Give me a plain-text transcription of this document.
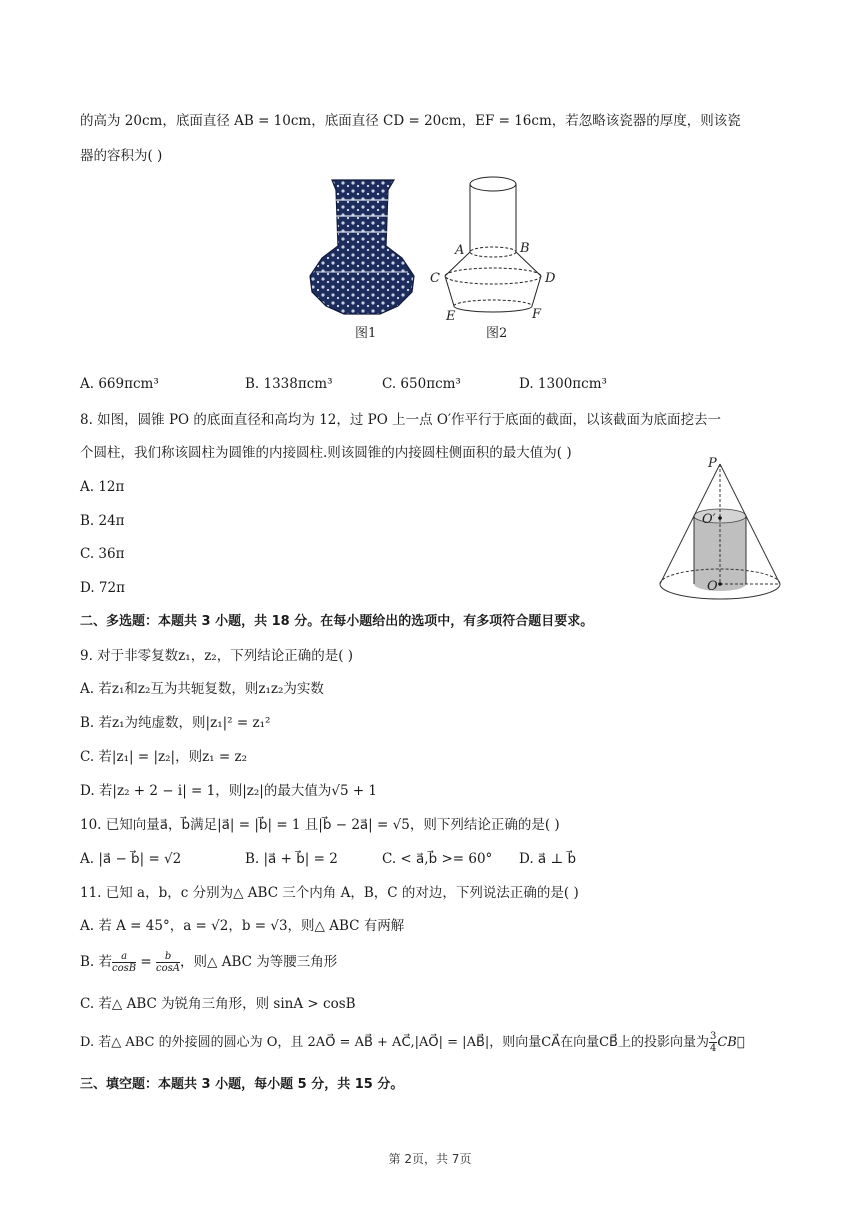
的高为 20cm，底面直径 AB = 10cm，底面直径 CD = 20cm，EF = 16cm，若忽略该瓷器的厚度，则该瓷
器的容积为( )
图1
A	B
C	D
E	F
图2
A. 669πcm³	B. 1338πcm³	C. 650πcm³	D. 1300πcm³
8. 如图，圆锥 PO 的底面直径和高均为 12，过 PO 上一点 O′作平行于底面的截面，以该截面为底面挖去一
个圆柱，我们称该圆柱为圆锥的内接圆柱.则该圆锥的内接圆柱侧面积的最大值为( )
A. 12π
B. 24π
C. 36π
D. 72π
P
O′
O
二、多选题：本题共 3 小题，共 18 分。在每小题给出的选项中，有多项符合题目要求。
9. 对于非零复数z₁，z₂，下列结论正确的是( )
A. 若z₁和z₂互为共轭复数，则z₁z₂为实数
B. 若z₁为纯虚数，则|z₁|² = z₁²
C. 若|z₁| = |z₂|，则z₁ = z₂
D. 若|z₂ + 2 − i| = 1，则|z₂|的最大值为√5 + 1
10. 已知向量a⃗，b⃗满足|a⃗| = |b⃗| = 1 且|b⃗ − 2a⃗| = √5，则下列结论正确的是( )
A. |a⃗ − b⃗| = √2	B. |a⃗ + b⃗| = 2	C. < a⃗,b⃗ >= 60° D. a⃗ ⊥ b⃗
11. 已知 a，b，c 分别为△ ABC 三个内角 A，B，C 的对边，下列说法正确的是( )
A. 若 A = 45°，a = √2，b = √3，则△ ABC 有两解
B. 若 $\frac{a}{\cos B} = \frac{b}{\cos A}$ ，则△ ABC 为等腰三角形
C. 若△ ABC 为锐角三角形，则 sinA > cosB
D. 若△ ABC 的外接圆的圆心为 O，且 2AO⃗ = AB⃗ + AC⃗,|AO⃗| = |AB⃗|，则向量CA⃗在向量CB⃗上的投影向量为 $\frac{3}{4}$ CB⃗
三、填空题：本题共 3 小题，每小题 5 分，共 15 分。
第 2页，共 7页
